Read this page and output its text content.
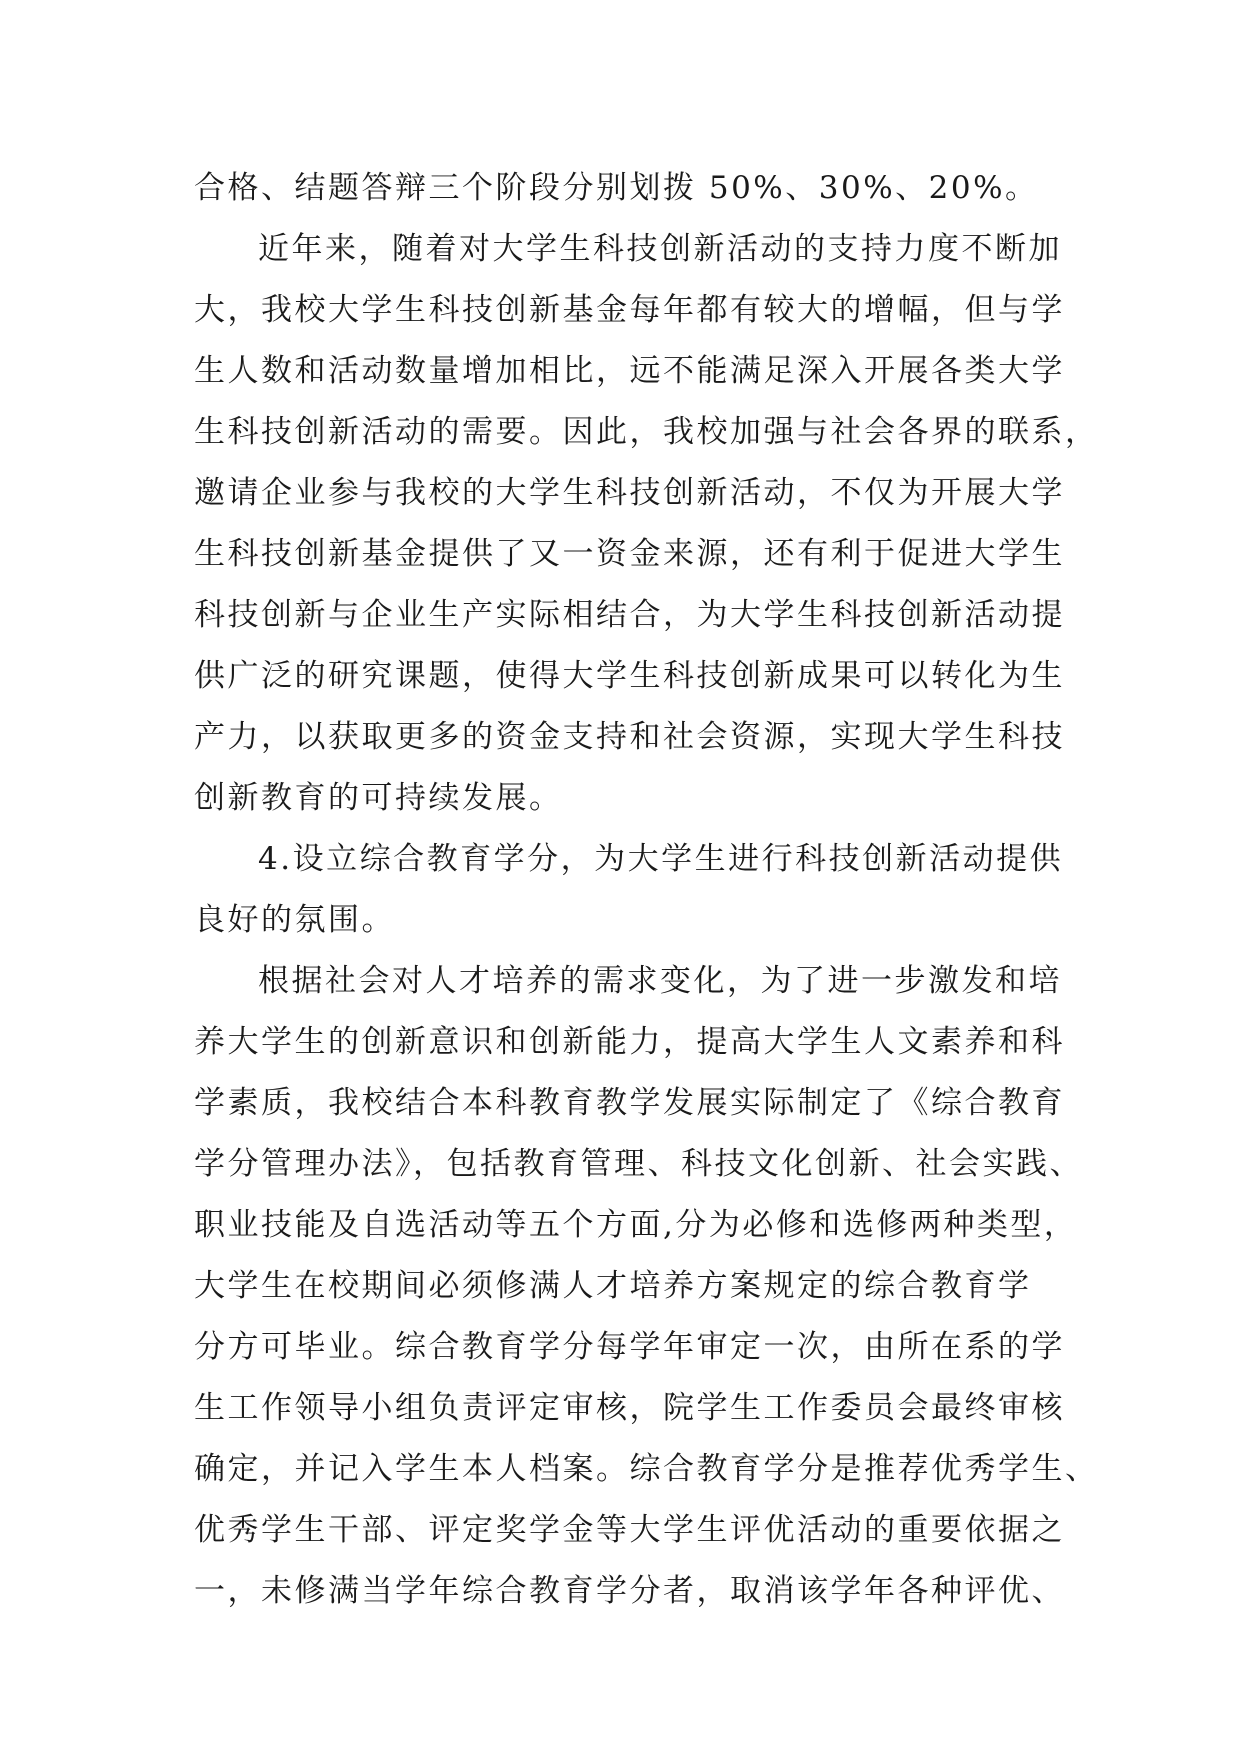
合格、结题答辩三个阶段分别划拨 50%、30%、20%。
近年来，随着对大学生科技创新活动的支持力度不断加
大，我校大学生科技创新基金每年都有较大的增幅，但与学
生人数和活动数量增加相比，远不能满足深入开展各类大学
生科技创新活动的需要。因此，我校加强与社会各界的联系，
邀请企业参与我校的大学生科技创新活动，不仅为开展大学
生科技创新基金提供了又一资金来源，还有利于促进大学生
科技创新与企业生产实际相结合，为大学生科技创新活动提
供广泛的研究课题，使得大学生科技创新成果可以转化为生
产力，以获取更多的资金支持和社会资源，实现大学生科技
创新教育的可持续发展。
4.设立综合教育学分，为大学生进行科技创新活动提供
良好的氛围。
根据社会对人才培养的需求变化，为了进一步激发和培
养大学生的创新意识和创新能力，提高大学生人文素养和科
学素质，我校结合本科教育教学发展实际制定了《综合教育
学分管理办法》，包括教育管理、科技文化创新、社会实践、
职业技能及自选活动等五个方面,分为必修和选修两种类型，
大学生在校期间必须修满人才培养方案规定的综合教育学
分方可毕业。综合教育学分每学年审定一次，由所在系的学
生工作领导小组负责评定审核，院学生工作委员会最终审核
确定，并记入学生本人档案。综合教育学分是推荐优秀学生、
优秀学生干部、评定奖学金等大学生评优活动的重要依据之
一，未修满当学年综合教育学分者，取消该学年各种评优、
